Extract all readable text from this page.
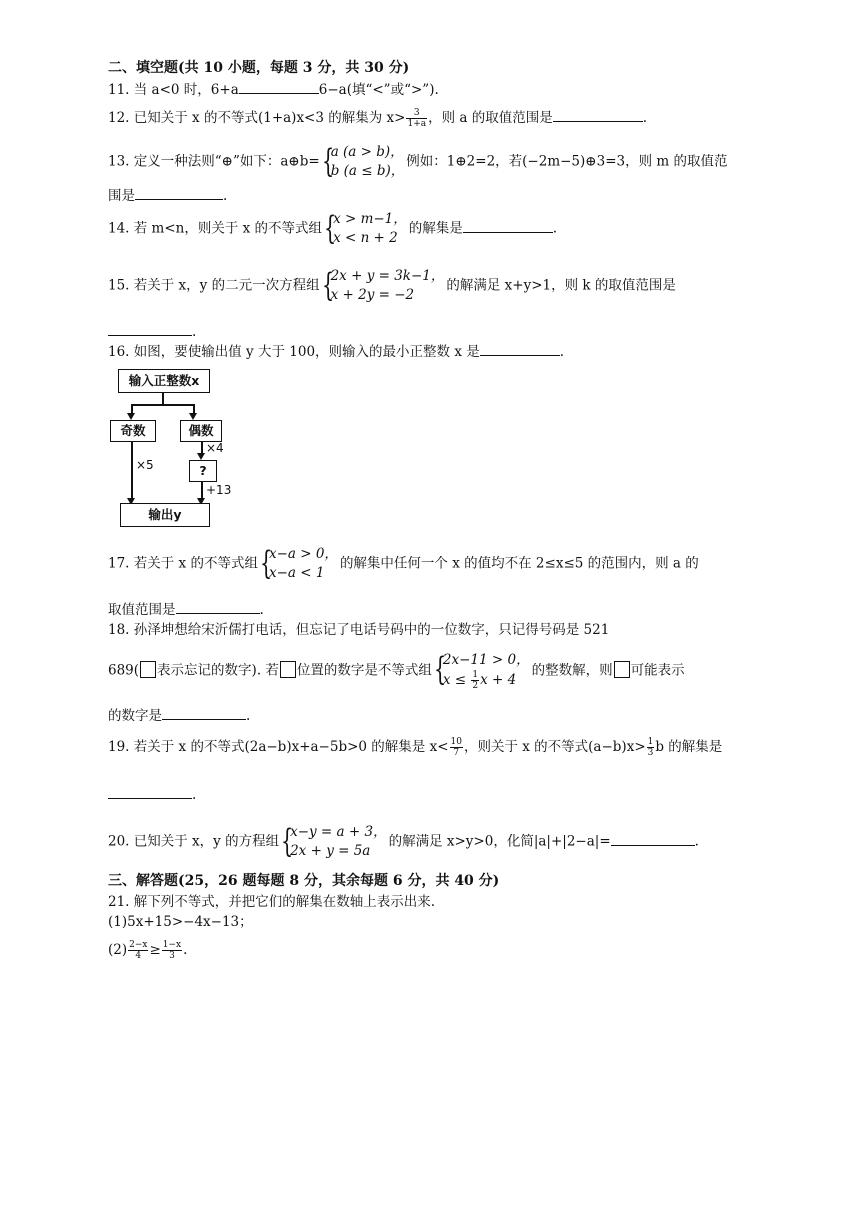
二、填空题(共 10 小题，每题 3 分，共 30 分)
11. 当 a<0 时，6+a	6−a(填“<”或“>”).
12. 已知关于 x 的不等式(1+a)x<3 的解集为 $x> \frac{3}{1+a}$ ，则 a 的取值范围是	.
13. 定义一种法则“⊕”如下：a⊕b= {
a (a > b)，
b (a ≤ b)，
例如：1⊕2=2，若(−2m−5)⊕3=3，则 m 的取值范
围是	.
14. 若 m<n，则关于 x 的不等式组 {
x > m−1，
x < n + 2
的解集是	.
15. 若关于 x，y 的二元一次方程组 {
2x + y = 3k−1，
x + 2y = −2
的解满足 x+y>1，则 k 的取值范围是
.
16. 如图，要使输出值 y 大于 100，则输入的最小正整数 x 是	.
输入正整数x
奇数	偶数
×5
×4
?
+13
输出y
17. 若关于 x 的不等式组 {
x−a > 0，
x−a < 1
的解集中任何一个 x 的值均不在 2≤x≤5 的范围内，则 a 的
取值范围是	.
18. 孙泽坤想给宋沂儒打电话，但忘记了电话号码中的一位数字，只记得号码是 521
689( 表示忘记的数字). 若 位置的数字是不等式组 {
2x−11 > 0，
$x \le \frac{1}{2}$ x + 4
的整数解，则 可能表示
的数字是	.
19. 若关于 x 的不等式(2a−b)x+a−5b>0 的解集是 $x< \frac{10}{7}$ ，则关于 x 的不等式$(a-b)x> \frac{1}{3}$ b 的解集是
.
20. 已知关于 x，y 的方程组 {
x−y = a + 3，
2x + y = 5a
的解满足 x>y>0，化简|a|+|2−a|=	.
三、解答题(25，26 题每题 8 分，其余每题 6 分，共 40 分)
21. 解下列不等式，并把它们的解集在数轴上表示出来.
(1)5x+15>−4x−13；
$(2) \frac{2-x}{4} \ge \frac{1-x}{3}$ .
